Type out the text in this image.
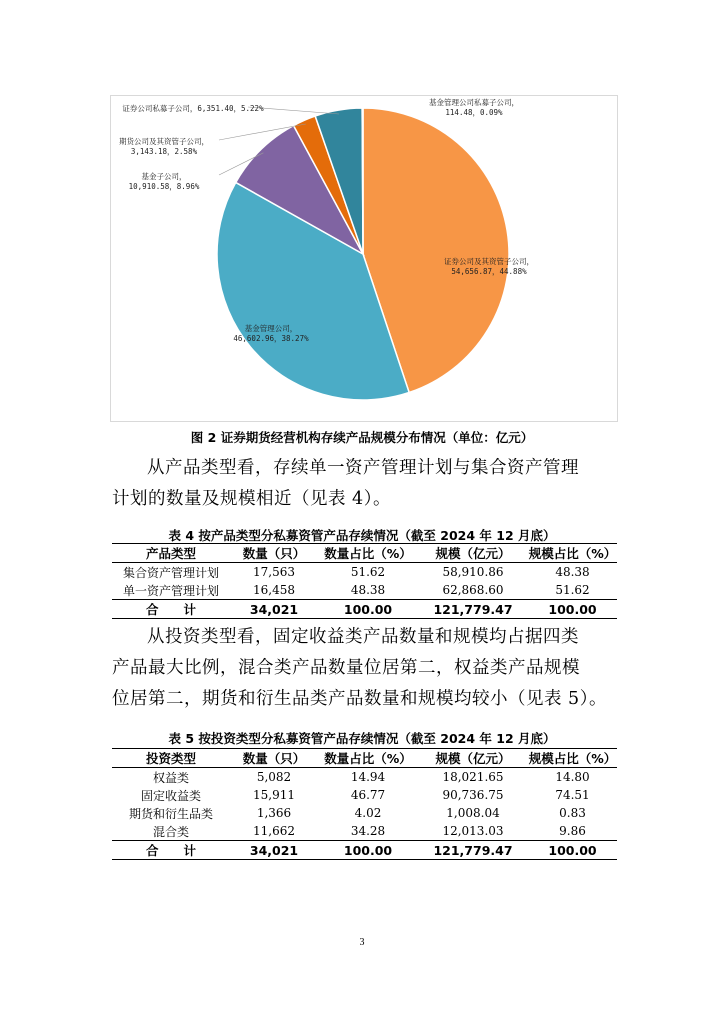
证券公司及其资管子公司，
54,656.87，44.88%
基金管理公司，
46,602.96，38.27%
基金子公司，
10,910.58，8.96%
期货公司及其资管子公司，
3,143.18，2.58%
证券公司私募子公司，6,351.40，5.22%
基金管理公司私募子公司，
114.48，0.09%
图 2 证券期货经营机构存续产品规模分布情况（单位：亿元）
从产品类型看，存续单一资产管理计划与集合资产管理
计划的数量及规模相近（见表 4）。
表 4 按产品类型分私募资管产品存续情况（截至 2024 年 12 月底）
产品类型	数量（只）	数量占比（%）	规模（亿元）	规模占比（%）
集合资产管理计划	17,563	51.62	58,910.86	48.38
单一资产管理计划	16,458	48.38	62,868.60	51.62
合　　计	34,021	100.00	121,779.47	100.00
从投资类型看，固定收益类产品数量和规模均占据四类
产品最大比例，混合类产品数量位居第二，权益类产品规模
位居第二，期货和衍生品类产品数量和规模均较小（见表 5）。
表 5 按投资类型分私募资管产品存续情况（截至 2024 年 12 月底）
投资类型	数量（只）	数量占比（%）	规模（亿元）	规模占比（%）
权益类	5,082	14.94	18,021.65	14.80
固定收益类	15,911	46.77	90,736.75	74.51
期货和衍生品类	1,366	4.02	1,008.04	0.83
混合类	11,662	34.28	12,013.03	9.86
合　　计	34,021	100.00	121,779.47	100.00
3
